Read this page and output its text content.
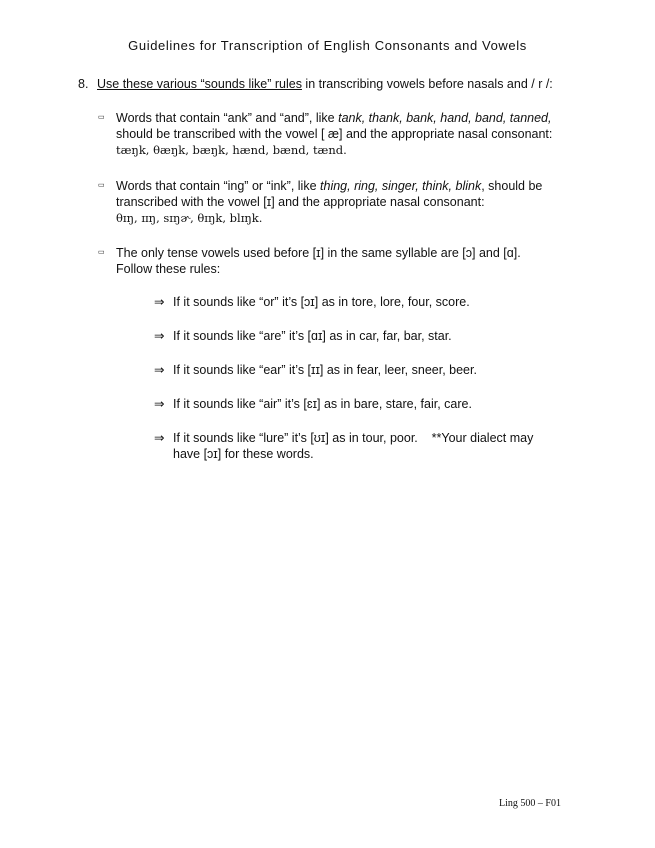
Guidelines for Transcription of English Consonants and Vowels
8. Use these various “sounds like” rules in transcribing vowels before nasals and / r /:
▭ Words that contain “ank” and “and”, like tank, thank, bank, hand, band, tanned, should be transcribed with the vowel [ æ] and the appropriate nasal consonant:
tæŋk, θæŋk, bæŋk, hænd, bænd, tænd.
▭ Words that contain “ing” or “ink”, like thing, ring, singer, think, blink, should be transcribed with the vowel [ɪ] and the appropriate nasal consonant:
θɪŋ, ɪɪŋ, sɪŋɚ, θɪŋk, blɪŋk.
▭ The only tense vowels used before [ɪ] in the same syllable are [ɔ] and [ɑ]. Follow these rules:
⇒ If it sounds like “or” it’s [ɔɪ] as in tore, lore, four, score.
⇒ If it sounds like “are” it’s [ɑɪ] as in car, far, bar, star.
⇒ If it sounds like “ear” it’s [ɪɪ] as in fear, leer, sneer, beer.
⇒ If it sounds like “air” it’s [ɛɪ] as in bare, stare, fair, care.
⇒ If it sounds like “lure” it’s [ʊɪ] as in tour, poor.    **Your dialect may
have [ɔɪ] for these words.
Ling 500 – F01
